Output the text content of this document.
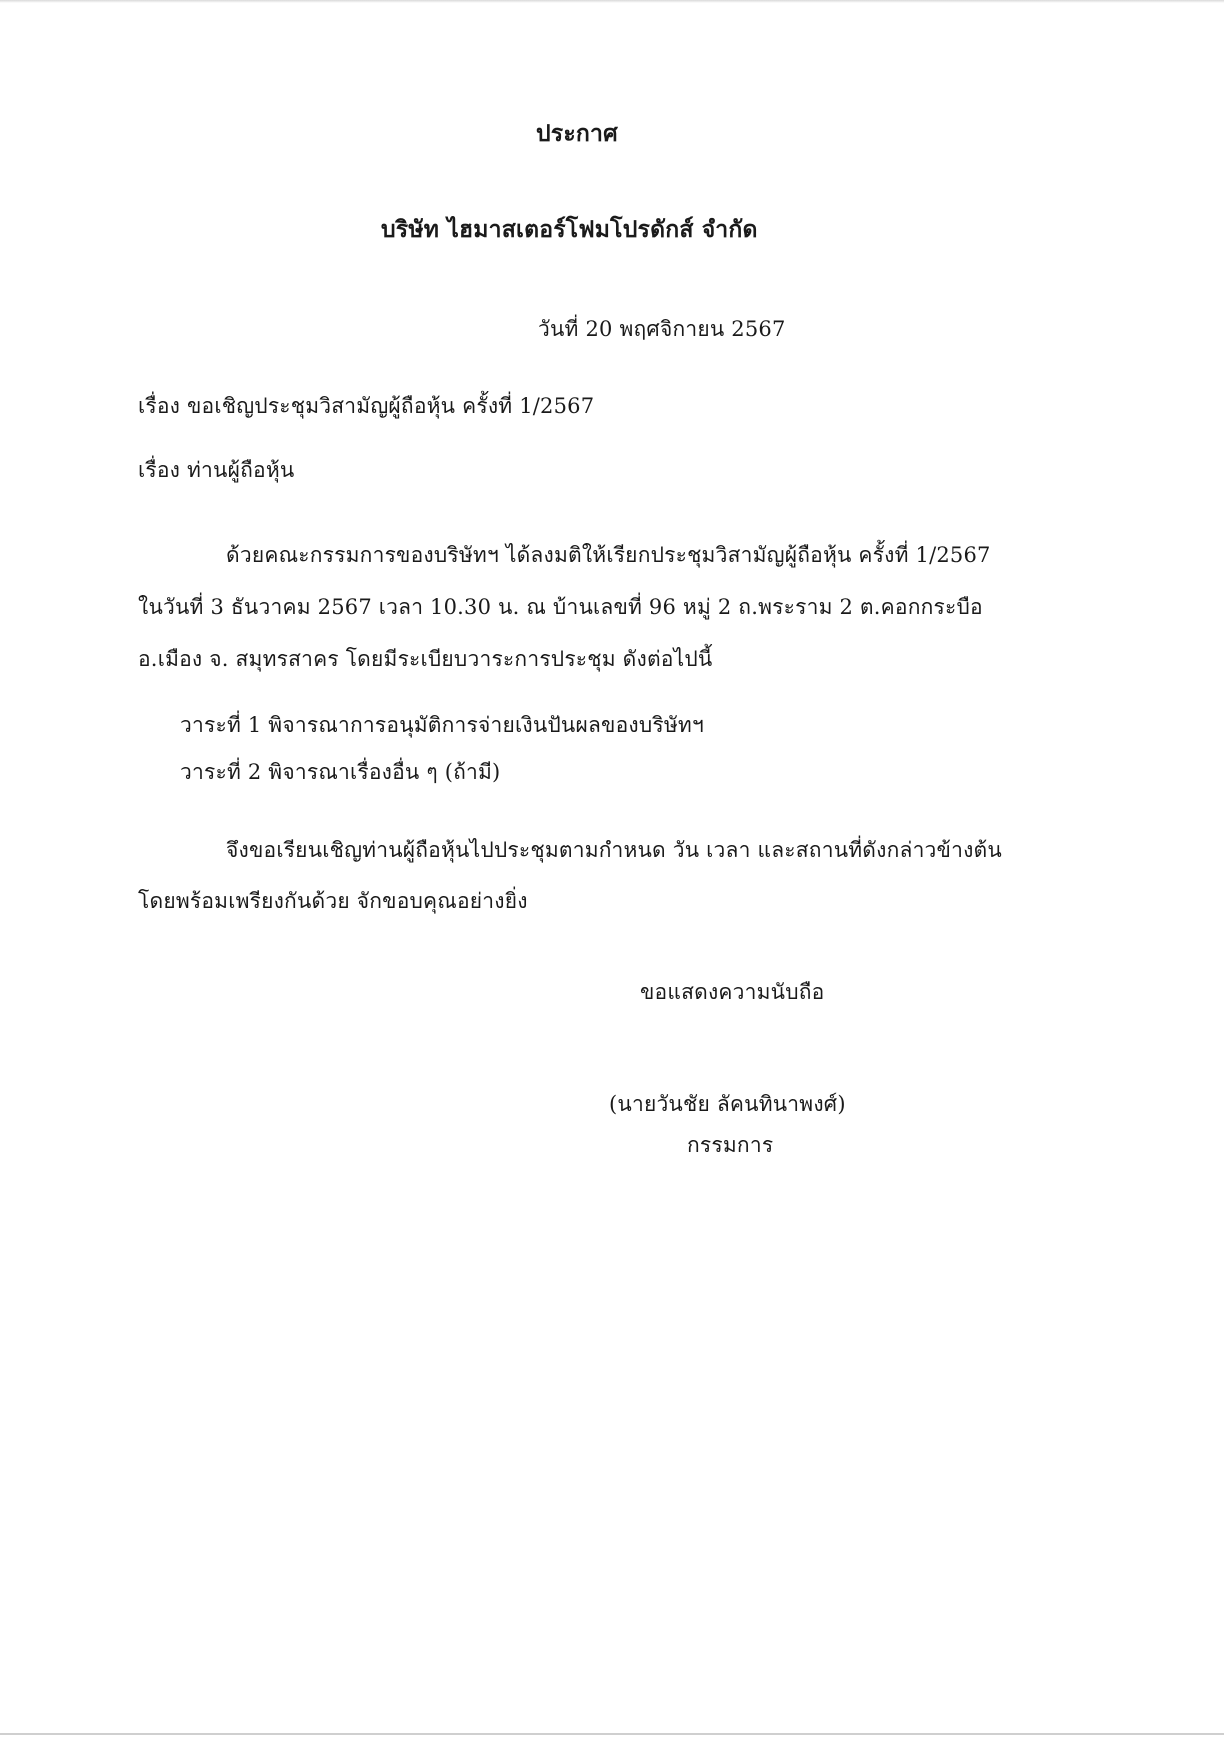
ประกาศ
บริษัท ไฮมาสเตอร์โฟมโปรดักส์ จำกัด
วันที่ 20 พฤศจิกายน 2567
เรื่อง ขอเชิญประชุมวิสามัญผู้ถือหุ้น ครั้งที่ 1/2567
เรื่อง ท่านผู้ถือหุ้น
ด้วยคณะกรรมการของบริษัทฯ ได้ลงมติให้เรียกประชุมวิสามัญผู้ถือหุ้น ครั้งที่ 1/2567
ในวันที่ 3 ธันวาคม 2567 เวลา 10.30 น. ณ บ้านเลขที่ 96 หมู่ 2 ถ.พระราม 2 ต.คอกกระบือ
อ.เมือง จ. สมุทรสาคร โดยมีระเบียบวาระการประชุม ดังต่อไปนี้
วาระที่ 1 พิจารณาการอนุมัติการจ่ายเงินปันผลของบริษัทฯ
วาระที่ 2 พิจารณาเรื่องอื่น ๆ (ถ้ามี)
จึงขอเรียนเชิญท่านผู้ถือหุ้นไปประชุมตามกำหนด วัน เวลา และสถานที่ดังกล่าวข้างต้น
โดยพร้อมเพรียงกันด้วย จักขอบคุณอย่างยิ่ง
ขอแสดงความนับถือ
(นายวันชัย ลัคนทินาพงศ์)
กรรมการ
